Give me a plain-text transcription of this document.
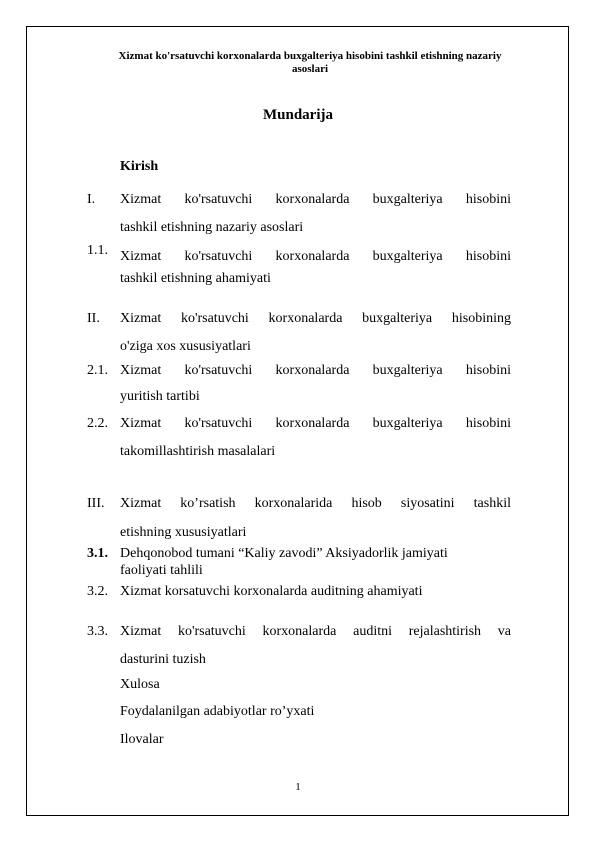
Xizmat ko'rsatuvchi korxonalarda buxgalteriya hisobini tashkil etishning nazariy asoslari
Mundarija
Kirish
I. Xizmat ko'rsatuvchi korxonalarda buxgalteriya hisobini
tashkil etishning nazariy asoslari
1.1. Xizmat ko'rsatuvchi korxonalarda buxgalteriya hisobini
tashkil etishning ahamiyati
II. Xizmat ko'rsatuvchi korxonalarda buxgalteriya hisobining
o'ziga xos xususiyatlari
2.1. Xizmat ko'rsatuvchi korxonalarda buxgalteriya hisobini
yuritish tartibi
2.2. Xizmat ko'rsatuvchi korxonalarda buxgalteriya hisobini
takomillashtirish masalalari
III. Xizmat ko’rsatish korxonalarida hisob siyosatini tashkil
etishning xususiyatlari
3.1. Dehqonobod tumani “Kaliy zavodi” Aksiyadorlik jamiyati
faoliyati tahlili
3.2. Xizmat korsatuvchi korxonalarda auditning ahamiyati
3.3. Xizmat ko'rsatuvchi korxonalarda auditni rejalashtirish va
dasturini tuzish
Xulosa
Foydalanilgan adabiyotlar ro’yxati
Ilovalar
1
